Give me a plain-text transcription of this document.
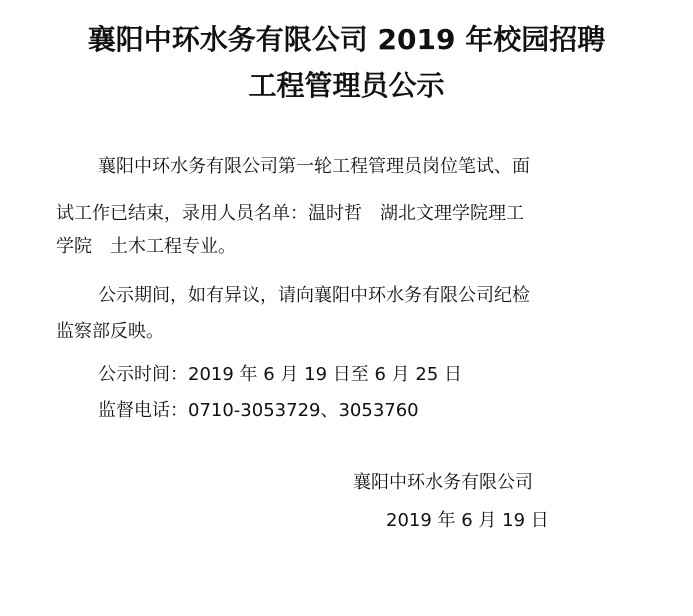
襄阳中环水务有限公司 2019 年校园招聘
工程管理员公示
襄阳中环水务有限公司第一轮工程管理员岗位笔试、面
试工作已结束，录用人员名单：温时哲　湖北文理学院理工
学院　土木工程专业。
公示期间，如有异议，请向襄阳中环水务有限公司纪检
监察部反映。
公示时间：2019 年 6 月 19 日至 6 月 25 日
监督电话：0710-3053729、3053760
襄阳中环水务有限公司
2019 年 6 月 19 日
